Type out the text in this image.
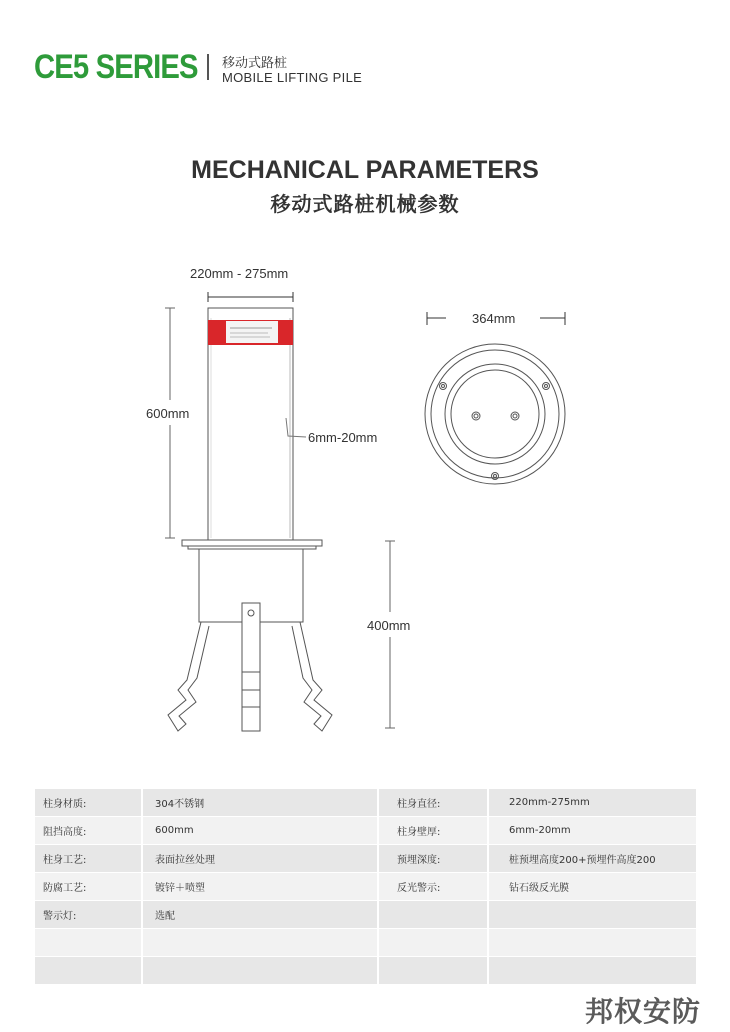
CE5 SERIES 移动式路桩
MOBILE LIFTING PILE
MECHANICAL PARAMETERS
移动式路桩机械参数
220mm - 275mm
600mm
6mm-20mm
400mm
364mm
柱身材质:	304不锈钢	柱身直径:	220mm-275mm
阻挡高度:	600mm	柱身壁厚:	6mm-20mm
柱身工艺:	表面拉丝处理	预埋深度:	桩预埋高度200+预埋件高度200
防腐工艺:	镀锌＋喷塑	反光警示:	钻石级反光膜
警示灯:	选配		

邦权安防
